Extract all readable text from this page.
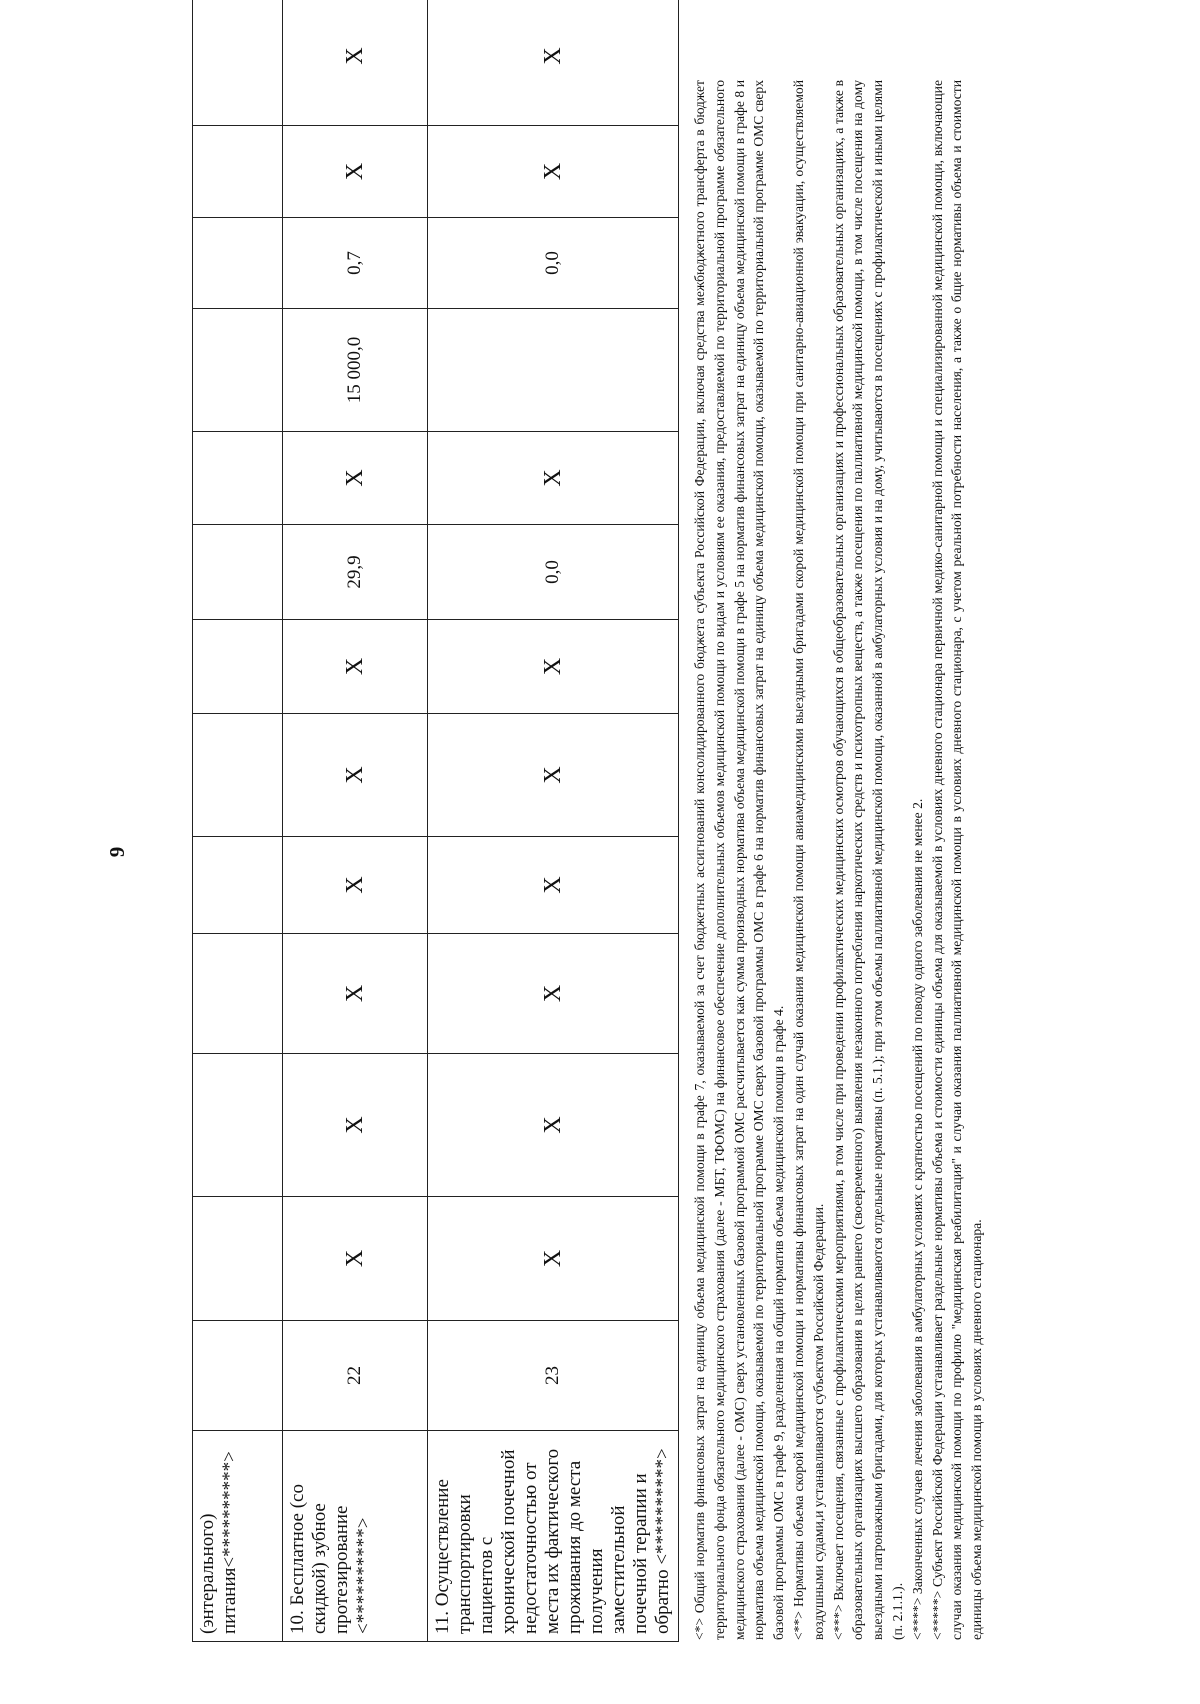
9
(энтерального) питания<**********>													
10. Бесплатное (со скидкой) зубное протезирование <**********>	22	X	X	X	X	X	X	29,9	X	15 000,0	0,7	X	X
11. Осуществление транспортировки пациентов с хронической почечной недостаточностью от места их фактического проживания до места получения заместительной почечной терапии и обратно <**********>	23	X	X	X	X	X	X	0,0	X		0,0	X	X

<*> Общий норматив финансовых затрат на единицу объема медицинской помощи в графе 7, оказываемой за счет бюджетных ассигнований консолидированного бюджета субъекта Российской Федерации, включая средства межбюджетного трансферта в бюджет территориального фонда обязательного медицинского страхования (далее - МБТ, ТФОМС) на финансовое обеспечение дополнительных объемов медицинской помощи по видам и условиям ее оказания, предоставляемой по территориальной программе обязательного медицинского страхования (далее - ОМС) сверх установленных базовой программой ОМС рассчитывается как сумма производных норматива объема медицинской помощи в графе 5 на норматив финансовых затрат на единицу объема медицинской помощи в графе 8 и норматива объема медицинской помощи, оказываемой по территориальной программе ОМС сверх базовой программы ОМС в графе 6 на норматив финансовых затрат на единицу объема медицинской помощи, оказываемой по территориальной программе ОМС сверх базовой программы ОМС в графе 9, разделенная на общий норматив объема медицинской помощи в графе 4. <**> Нормативы объема скорой медицинской помощи и нормативы финансовых затрат на один случай оказания медицинской помощи авиамедицинскими выездными бригадами скорой медицинской помощи при санитарно-авиационной эвакуации, осуществляемой воздушными судами,и устанавливаются субъектом Российской Федерации. <***> Включает посещения, связанные с профилактическими мероприятиями, в том числе при проведении профилактических медицинских осмотров обучающихся в общеобразовательных организациях и профессиональных образовательных организациях, а также в образовательных организациях высшего образования в целях раннего (своевременного) выявления незаконного потребления наркотических средств и психотропных веществ, а также посещения по паллиативной медицинской помощи, в том числе посещения на дому выездными патронажными бригадами, для которых устанавливаются отдельные нормативы (п. 5.1.); при этом объемы паллиативной медицинской помощи, оказанной в амбулаторных условия и на дому, учитываются в посещениях с профилактической и иными целями (п. 2.1.1.). <****> Законченных случаев лечения заболевания в амбулаторных условиях с кратностью посещений по поводу одного заболевания не менее 2. <*****> Субъект Российской Федерации устанавливает раздельные нормативы объема и стоимости единицы объема для оказываемой в условиях дневного стационара первичной медико-санитарной помощи и специализированной медицинской помощи, включающие случаи оказания медицинской помощи по профилю "медицинская реабилитация" и случаи оказания паллиативной медицинской помощи в условиях дневного стационара, с учетом реальной потребности населения, а также о бщие нормативы объема и стоимости единицы объема медицинской помощи в условиях дневного стационара.
